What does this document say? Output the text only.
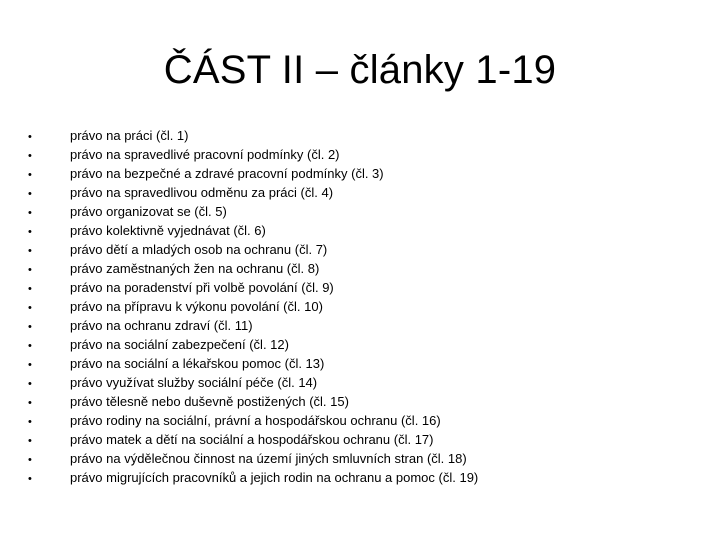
ČÁST II – články 1-19
•	právo na práci (čl. 1)
•	právo na spravedlivé pracovní podmínky (čl. 2)
•	právo na bezpečné a zdravé pracovní podmínky (čl. 3)
•	právo na spravedlivou odměnu za práci (čl. 4)
•	právo organizovat se (čl. 5)
•	právo kolektivně vyjednávat (čl. 6)
•	právo dětí a mladých osob na ochranu (čl. 7)
•	právo zaměstnaných žen na ochranu (čl. 8)
•	právo na poradenství při volbě povolání (čl. 9)
•	právo na přípravu k výkonu povolání (čl. 10)
•	právo na ochranu zdraví (čl. 11)
•	právo na sociální zabezpečení (čl. 12)
•	právo na sociální a lékařskou pomoc (čl. 13)
•	právo využívat služby sociální péče (čl. 14)
•	právo tělesně nebo duševně postižených (čl. 15)
•	právo rodiny na sociální, právní a hospodářskou ochranu (čl. 16)
•	právo matek a dětí na sociální a hospodářskou ochranu (čl. 17)
•	právo na výdělečnou činnost na území jiných smluvních stran (čl. 18)
•	právo migrujících pracovníků a jejich rodin na ochranu a pomoc (čl. 19)
